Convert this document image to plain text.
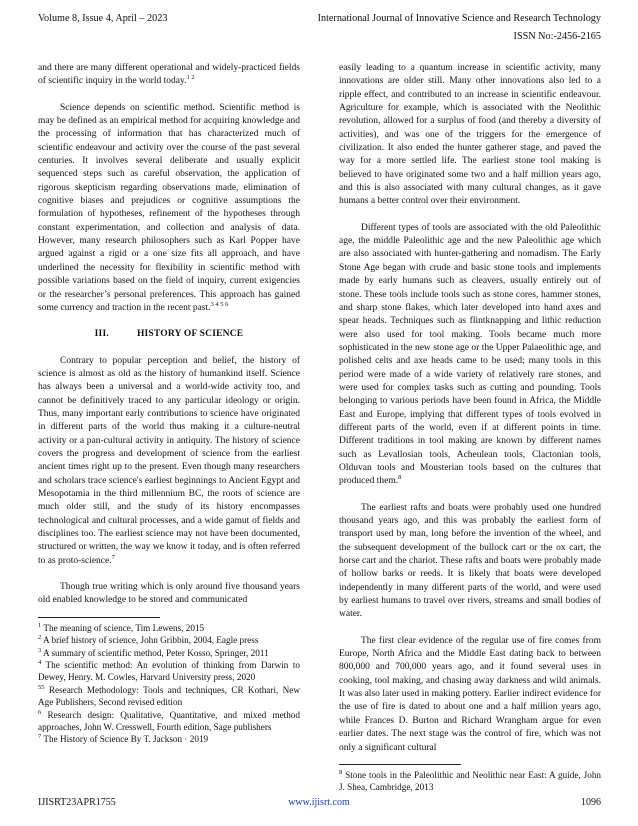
Volume 8, Issue 4, April – 2023	International Journal of Innovative Science and Research Technology
ISSN No:-2456-2165

and there are many different operational and widely-practiced fields of scientific inquiry in the world today.$^{1 2}$

Science depends on scientific method. Scientific method is may be defined as an empirical method for acquiring knowledge and the processing of information that has characterized much of scientific endeavour and activity over the course of the past several centuries. It involves several deliberate and usually explicit sequenced steps such as careful observation, the application of rigorous skepticism regarding observations made, elimination of cognitive biases and prejudices or cognitive assumptions the formulation of hypotheses, refinement of the hypotheses through constant experimentation, and collection and analysis of data. However, many research philosophers such as Karl Popper have argued against a rigid or a one size fits all approach, and have underlined the necessity for flexibility in scientific method with possible variations based on the field of inquiry, current exigencies or the researcher’s personal preferences. This approach has gained some currency and traction in the recent past.$^{3 4 5 6}$

III.	HISTORY OF SCIENCE

Contrary to popular perception and belief, the history of science is almost as old as the history of humankind itself. Science has always been a universal and a world-wide activity too, and cannot be definitively traced to any particular ideology or origin. Thus, many important early contributions to science have originated in different parts of the world thus making it a culture-neutral activity or a pan-cultural activity in antiquity. The history of science covers the progress and development of science from the earliest ancient times right up to the present. Even though many researchers and scholars trace science's earliest beginnings to Ancient Egypt and Mesopotamia in the third millennium BC, the roots of science are much older still, and the study of its history encompasses technological and cultural processes, and a wide gamut of fields and disciplines too. The earliest science may not have been documented, structured or written, the way we know it today, and is often referred to as proto-science.$^7$

Though true writing which is only around five thousand years old enabled knowledge to be stored and communicated

$^1$ The meaning of science, Tim Lewens, 2015

$^2$ A brief history of science, John Gribbin, 2004, Eagle press

$^3$ A summary of scientific method, Peter Kosso, Springer, 2011

$^4$ The scientific method: An evolution of thinking from Darwin to Dewey, Henry. M. Cowles, Harvard University press, 2020

$^{55}$ Research Methodology: Tools and techniques, CR Kothari, New Age Publishers, Second revised edition

$^6$ Research design: Qualitative, Quantitative, and mixed method approaches, John W. Cresswell, Fourth edition, Sage publishers

$^7$ The History of Science By T. Jackson · 2019

easily leading to a quantum increase in scientific activity, many innovations are older still. Many other innovations also led to a ripple effect, and contributed to an increase in scientific endeavour. Agriculture for example, which is associated with the Neolithic revolution, allowed for a surplus of food (and thereby a diversity of activities), and was one of the triggers for the emergence of civilization. It also ended the hunter gatherer stage, and paved the way for a more settled life. The earliest stone tool making is believed to have originated some two and a half million years ago, and this is also associated with many cultural changes, as it gave humans a better control over their environment.

Different types of tools are associated with the old Paleolithic age, the middle Paleolithic age and the new Paleolithic age which are also associated with hunter-gathering and nomadism. The Early Stone Age began with crude and basic stone tools and implements made by early humans such as cleavers, usually entirely out of stone. These tools include tools such as stone cores, hammer stones, and sharp stone flakes, which later developed into hand axes and spear heads. Techniques such as flintknapping and lithic reduction were also used for tool making. Tools became much more sophisticated in the new stone age or the Upper Palaeolithic age, and polished celts and axe heads came to be used; many tools in this period were made of a wide variety of relatively rare stones, and were used for complex tasks such as cutting and pounding. Tools belonging to various periods have been found in Africa, the Middle East and Europe, implying that different types of tools evolved in different parts of the world, even if at different points in time. Different traditions in tool making are known by different names such as Levallosian tools, Acheulean tools, Clactonian tools, Olduvan tools and Mousterian tools based on the cultures that produced them.$^8$

The earliest rafts and boats were probably used one hundred thousand years ago, and this was probably the earliest form of transport used by man, long before the invention of the wheel, and the subsequent development of the bullock cart or the ox cart, the horse cart and the chariot. These rafts and boats were probably made of hollow barks or reeds. It is likely that boats were developed independently in many different parts of the world, and were used by earliest humans to travel over rivers, streams and small bodies of water.

The first clear evidence of the regular use of fire comes from Europe, North Africa and the Middle East dating back to between 800,000 and 700,000 years ago, and it found several uses in cooking, tool making, and chasing away darkness and wild animals. It was also later used in making pottery. Earlier indirect evidence for the use of fire is dated to about one and a half million years ago, while Frances D. Burton and Richard Wrangham argue for even earlier dates. The next stage was the control of fire, which was not only a significant cultural

$^8$ Stone tools in the Paleolithic and Neolithic near East: A guide, John J. Shea, Cambridge, 2013

IJISRT23APR1755	www.ijisrt.com	1096
